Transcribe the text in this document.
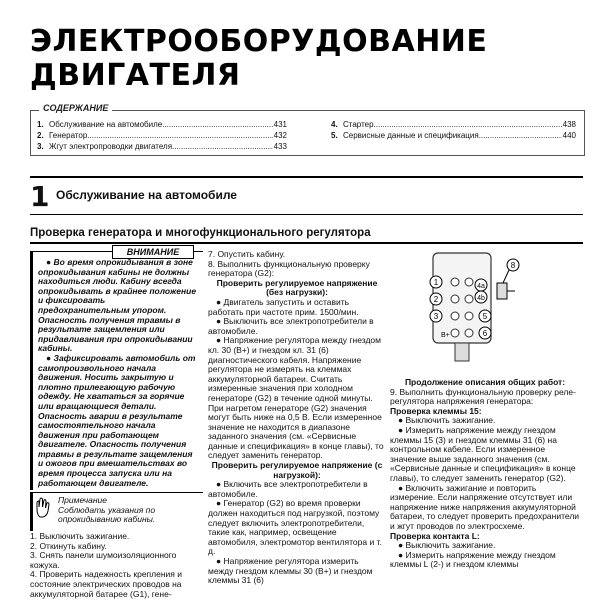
ЭЛЕКТРООБОРУДОВАНИЕ
ДВИГАТЕЛЯ
СОДЕРЖАНИЕ
1. Обслуживание на автомобиле .....	431
2. Генератор .....	432
3. Жгут электропроводки двигателя .....	433
4. Стартер .....	438
5. Сервисные данные и спецификация .....	440
1 Обслуживание на автомобиле
Проверка генератора и многофункционального регулятора
ВНИМАНИЕ

● Во время опрокидывания в зоне опрокидывания кабины не должны находиться люди. Кабину всегда опрокидывать в крайнее положение и фиксировать предохранительным упором. Опасность получения травмы в результате защемления или придавливания при опрокидывании кабины.

● Зафиксировать автомобиль от самопроизвольного начала движения. Носить закрытую и плотно прилегающую рабочую одежду. Не хвататься за горячие или вращающиеся детали. Опасность аварии в результате самостоятельного начала движения при работающем двигателе. Опасность получения травмы в результате защемления и ожогов при вмешательствах во время процесса запуска или на работающем двигателе.

Примечание
Соблюдать указания по опрокидыванию кабины.

1. Выключить зажигание.

2. Откинуть кабину.

3. Снять панели шумоизоляционного кожуха.

4. Проверить надежность крепления и состояние электрических проводов на аккумуляторной батарее (G1), гене-

7. Опустить кабину.

8. Выполнить функциональную проверку генератора (G2):

Проверить регулируемое напряжение (без нагрузки):

● Двигатель запустить и оставить работать при частоте прим. 1500/мин.

● Выключить все электропотребители в автомобиле.

● Напряжение регулятора между гнездом кл. 30 (B+) и гнездом кл. 31 (6) диагностического кабеля. Напряжение регулятора не измерять на клеммах аккумуляторной батареи. Считать измеренные значения при холодном генераторе (G2) в течение одной минуты. При нагретом генераторе (G2) значения могут быть ниже на 0,5 В. Если измеренное значение не находится в диапазоне заданного значения (см. «Сервисные данные и спецификация» в конце главы), то следует заменить генератор.

Проверить регулируемое напряжение (с нагрузкой):

● Включить все электропотребители в автомобиле.

● Генератор (G2) во время проверки должен находиться под нагрузкой, поэтому следует включить электропотребители, такие как, например, освещение автомобиля, электромотор вентилятора и т. д.

● Напряжение регулятора измерить между гнездом клеммы 30 (B+) и гнездом клеммы 31 (6)

1
2
3
B+
4a
4b
5
6
8

Продолжение описания общих работ:

9. Выполнить функциональную проверку реле-регулятора напряжения генератора:

Проверка клеммы 15:

● Выключить зажигание.

● Измерить напряжение между гнездом клеммы 15 (3) и гнездом клеммы 31 (6) на контрольном кабеле. Если измеренное значение выше заданного значения (см. «Сервисные данные и спецификация» в конце главы), то следует заменить генератор (G2).

● Включить зажигание и повторить измерение. Если напряжение отсутствует или напряжение ниже напряжения аккумуляторной батареи, то следует проверить предохранители и жгут проводов по электросхеме.

Проверка контакта L:

● Выключить зажигание.

● Измерить напряжение между гнездом клеммы L (2-) и гнездом клеммы
